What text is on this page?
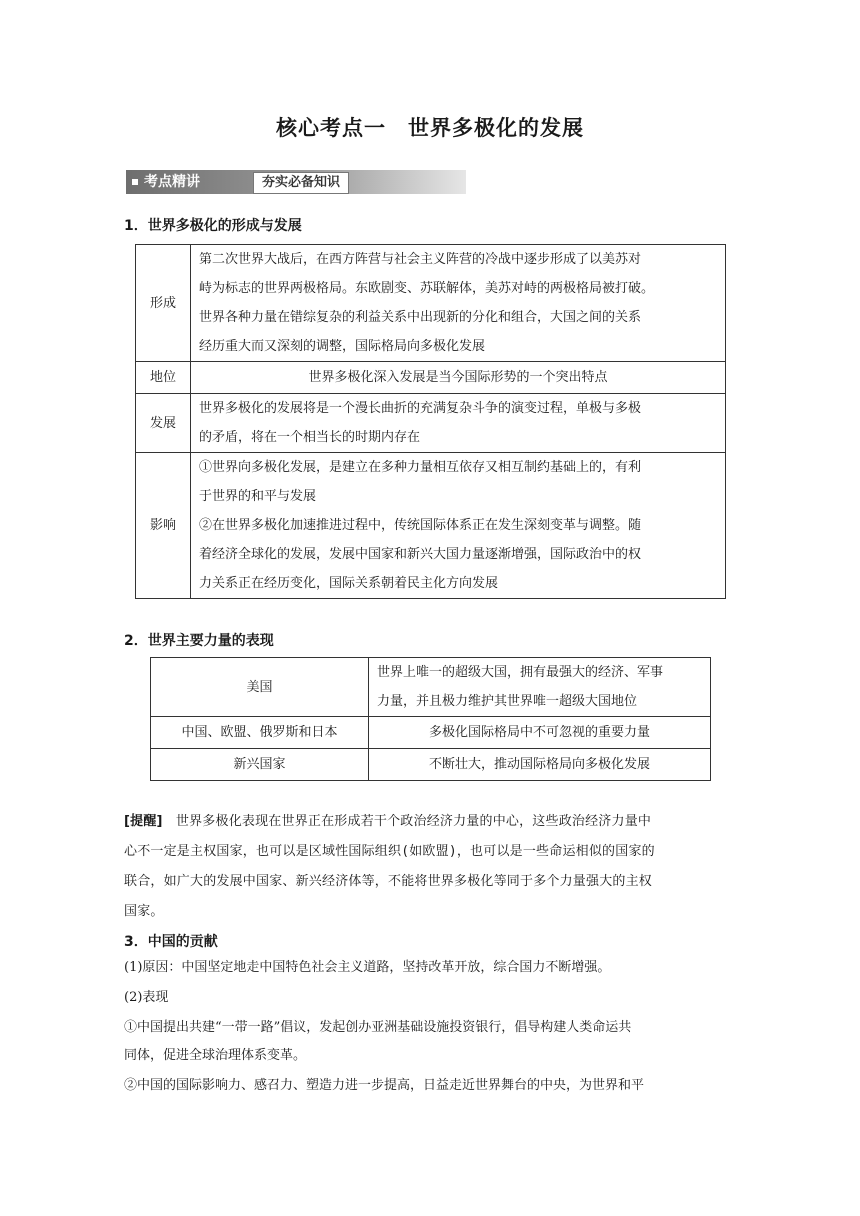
核心考点一　世界多极化的发展
考点精讲	夯实必备知识
1．世界多极化的形成与发展
形成	第二次世界大战后，在西方阵营与社会主义阵营的冷战中逐步形成了以美苏对
峙为标志的世界两极格局。东欧剧变、苏联解体，美苏对峙的两极格局被打破。
世界各种力量在错综复杂的利益关系中出现新的分化和组合，大国之间的关系
经历重大而又深刻的调整，国际格局向多极化发展

地位	世界多极化深入发展是当今国际形势的一个突出特点

发展	世界多极化的发展将是一个漫长曲折的充满复杂斗争的演变过程，单极与多极
的矛盾，将在一个相当长的时期内存在

影响	①世界向多极化发展，是建立在多种力量相互依存又相互制约基础上的，有利
于世界的和平与发展
②在世界多极化加速推进过程中，传统国际体系正在发生深刻变革与调整。随
着经济全球化的发展，发展中国家和新兴大国力量逐渐增强，国际政治中的权
力关系正在经历变化，国际关系朝着民主化方向发展
2．世界主要力量的表现
美国	世界上唯一的超级大国，拥有最强大的经济、军事
力量，并且极力维护其世界唯一超级大国地位

中国、欧盟、俄罗斯和日本	多极化国际格局中不可忽视的重要力量
新兴国家	不断壮大，推动国际格局向多极化发展
[提醒]　 世界多极化表现在世界正在形成若干个政治经济力量的中心，这些政治经济力量中
心不一定是主权国家，也可以是区域性国际组织(如欧盟)，也可以是一些命运相似的国家的
联合，如广大的发展中国家、新兴经济体等，不能将世界多极化等同于多个力量强大的主权
国家。
3．中国的贡献
(1)原因：中国坚定地走中国特色社会主义道路，坚持改革开放，综合国力不断增强。
(2)表现
①中国提出共建“一带一路”倡议，发起创办亚洲基础设施投资银行，倡导构建人类命运共
同体，促进全球治理体系变革。
②中国的国际影响力、感召力、塑造力进一步提高，日益走近世界舞台的中央，为世界和平
